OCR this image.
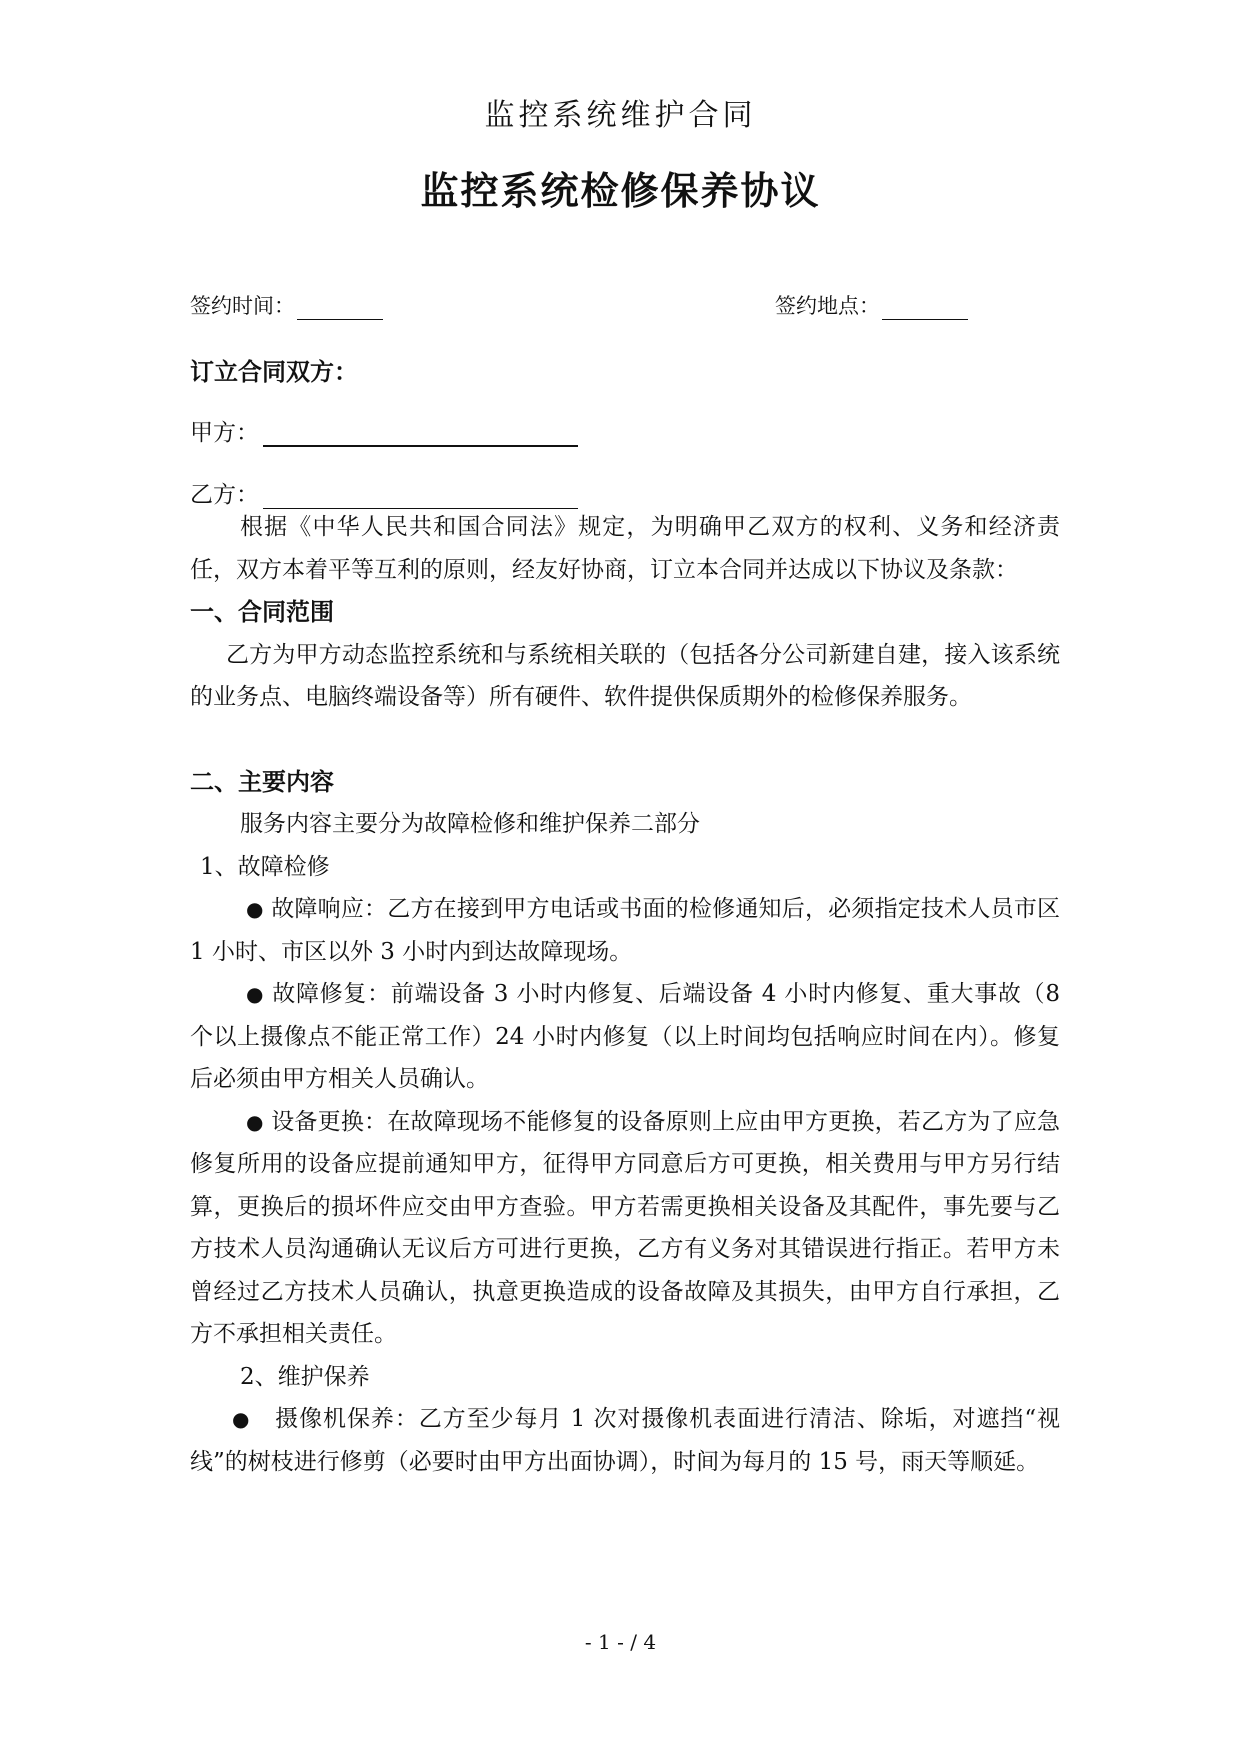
监控系统维护合同
监控系统检修保养协议
签约时间：	签约地点：
订立合同双方：
甲方：
乙方：

根据《中华人民共和国合同法》规定，为明确甲乙双方的权利、义务和经济责任，双方本着平等互利的原则，经友好协商，订立本合同并达成以下协议及条款：

一、合同范围

乙方为甲方动态监控系统和与系统相关联的（包括各分公司新建自建，接入该系统的业务点、电脑终端设备等）所有硬件、软件提供保质期外的检修保养服务。

二、主要内容

服务内容主要分为故障检修和维护保养二部分

1、故障检修

● 故障响应：乙方在接到甲方电话或书面的检修通知后，必须指定技术人员市区 1 小时、市区以外 3 小时内到达故障现场。

● 故障修复：前端设备 3 小时内修复、后端设备 4 小时内修复、重大事故（8 个以上摄像点不能正常工作）24 小时内修复（以上时间均包括响应时间在内）。修复后必须由甲方相关人员确认。

● 设备更换：在故障现场不能修复的设备原则上应由甲方更换，若乙方为了应急修复所用的设备应提前通知甲方，征得甲方同意后方可更换，相关费用与甲方另行结算，更换后的损坏件应交由甲方查验。甲方若需更换相关设备及其配件，事先要与乙方技术人员沟通确认无议后方可进行更换，乙方有义务对其错误进行指正。若甲方未曾经过乙方技术人员确认，执意更换造成的设备故障及其损失，由甲方自行承担，乙方不承担相关责任。

2、维护保养

● 摄像机保养：乙方至少每月 1 次对摄像机表面进行清洁、除垢，对遮挡“视线”的树枝进行修剪（必要时由甲方出面协调），时间为每月的 15 号，雨天等顺延。

- 1 - / 4
